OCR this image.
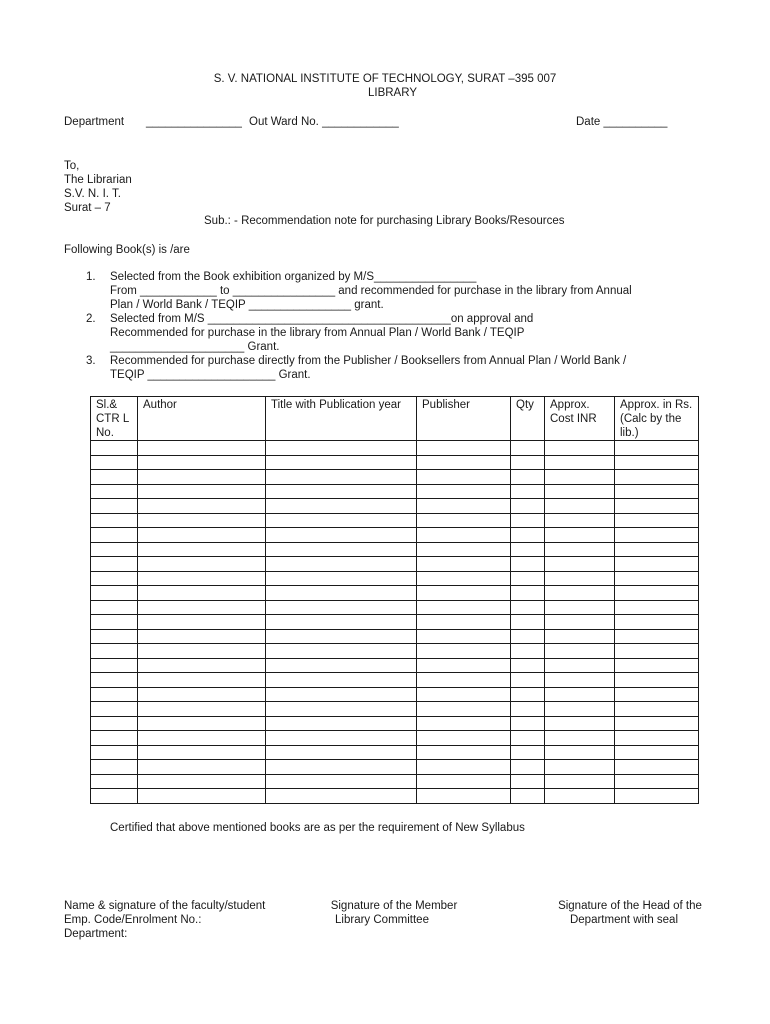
S. V. NATIONAL INSTITUTE OF TECHNOLOGY, SURAT –395 007
LIBRARY
Department _______________ Out Ward No. ____________	Date __________
To,
The Librarian
S.V. N. I. T.
Surat – 7
Sub.: - Recommendation note for purchasing Library Books/Resources
Following Book(s) is /are
1. Selected from the Book exhibition organized by M/S________________
From ____________ to ________________ and recommended for purchase in the library from Annual
Plan / World Bank / TEQIP ________________ grant.
2. Selected from M/S ______________________________________on approval and
Recommended for purchase in the library from Annual Plan / World Bank / TEQIP
_____________________ Grant.
3. Recommended for purchase directly from the Publisher / Booksellers from Annual Plan / World Bank /
TEQIP ____________________ Grant.
Sl.& CTR L No.	Author	Title with Publication year	Publisher	Qty	Approx. Cost INR	Approx. in Rs. (Calc by the lib.)

Certified that above mentioned books are as per the requirement of New Syllabus
Name & signature of the faculty/student
Emp. Code/Enrolment No.:
Department:
Signature of the Member
Library Committee
Signature of the Head of the
Department with seal
